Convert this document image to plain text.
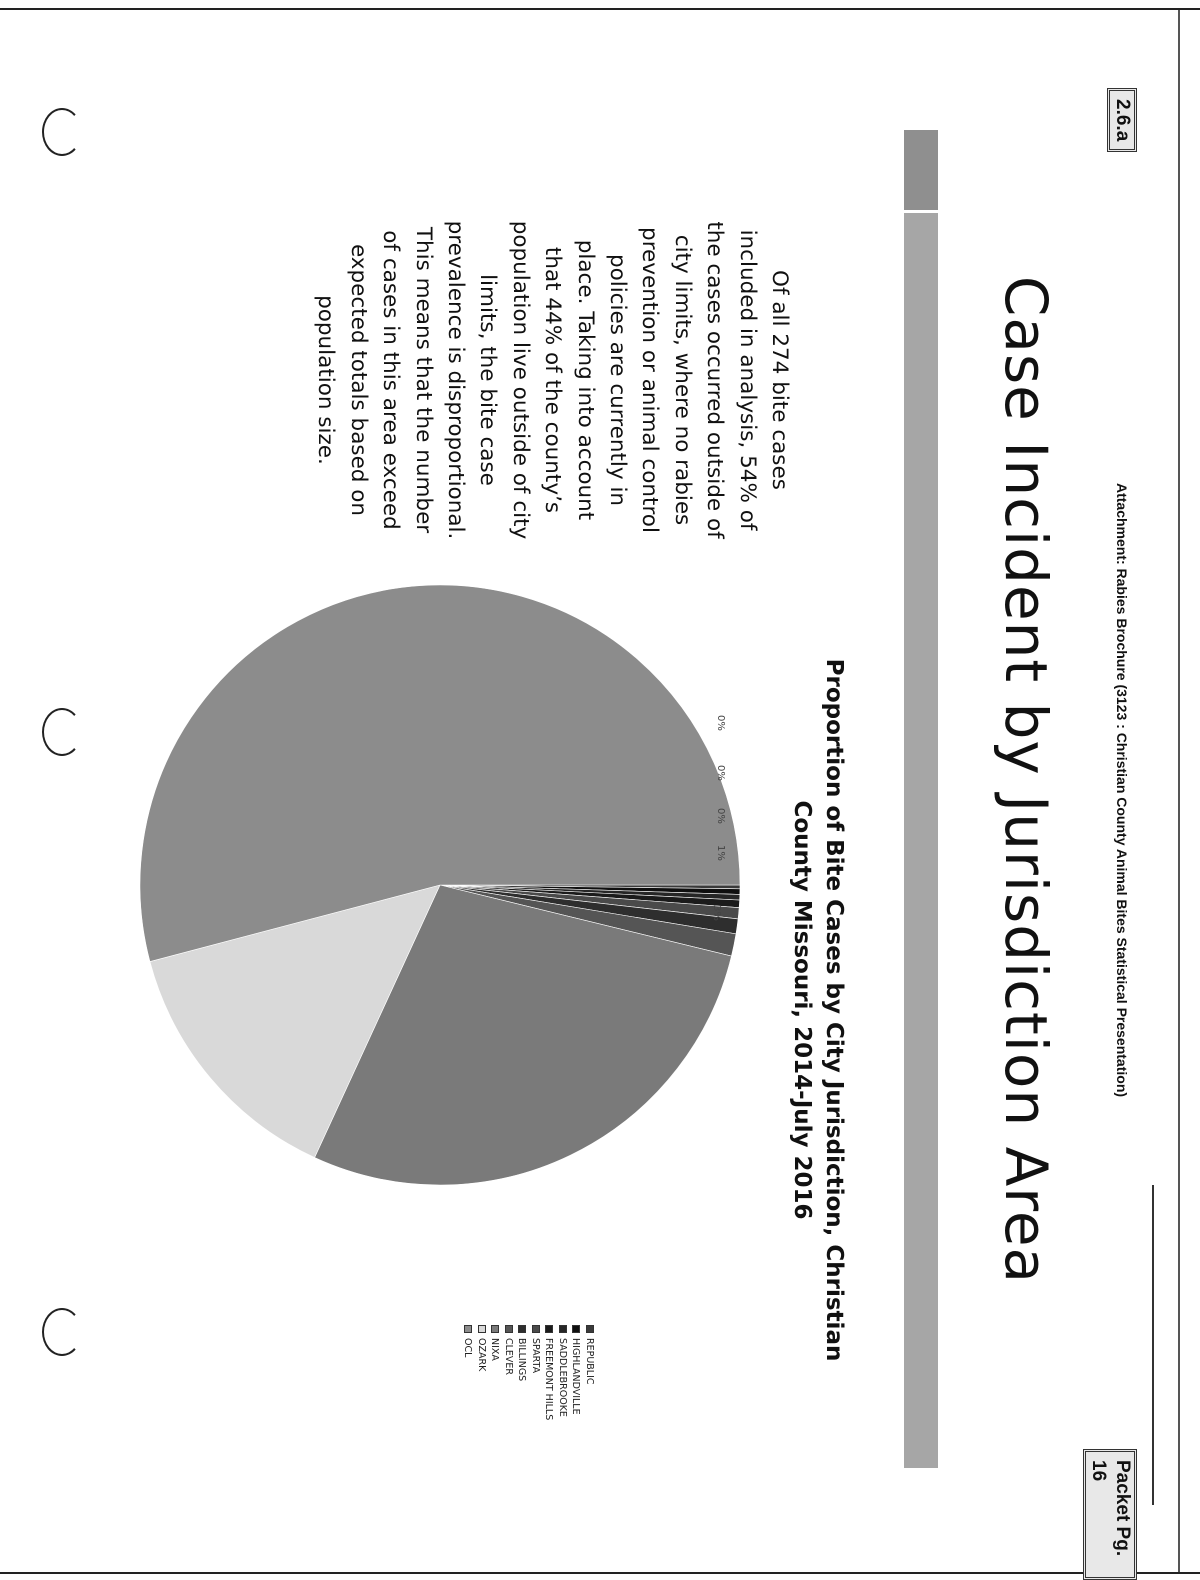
2.6.a
Attachment: Rabies Brochure (3123 : Christian County Animal Bites Statistical Presentation)
Packet Pg. 16
Case Incident by Jurisdiction Area
Of all 274 bite cases
included in analysis, 54% of
the cases occurred outside of
city limits, where no rabies
prevention or animal control
policies are currently in
place. Taking into account
that 44% of the county’s
population live outside of city
limits, the bite case
prevalence is disproportional.
This means that the number
of cases in this area exceed
expected totals based on
population size.
Proportion of Bite Cases by City Jurisdiction, Christian
County Missouri, 2014-July 2016
REPUBLIC
HIGHLANDVILLE
SADDLEBROOKE
FREEMONT HILLS
SPARTA
BILLINGS
CLEVER
NIXA
OZARK
OCL
0%
0%
0%
1%
3%
